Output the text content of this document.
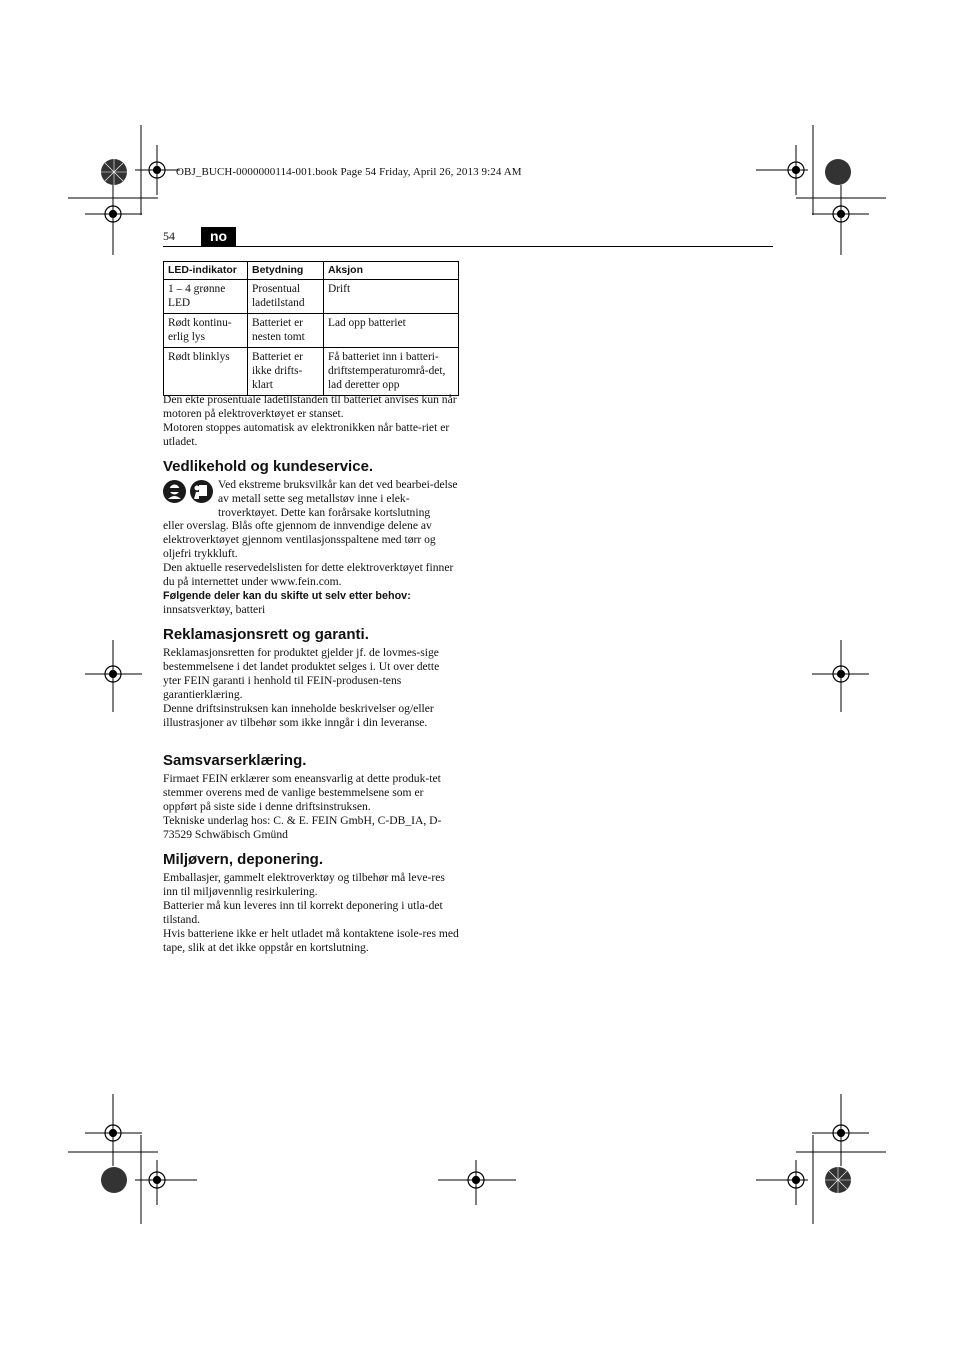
OBJ_BUCH-0000000114-001.book Page 54 Friday, April 26, 2013 9:24 AM
54	no
LED-indikator	Betydning	Aksjon
1 – 4 grønne LED	Prosentual ladetilstand	Drift
Rødt kontinu-erlig lys	Batteriet er nesten tomt	Lad opp batteriet
Rødt blinklys	Batteriet er ikke drifts-klart	Få batteriet inn i batteri-driftstemperaturområ-det, lad deretter opp

Den ekte prosentuale ladetilstanden til batteriet anvises kun når motoren på elektroverktøyet er stanset.

Motoren stoppes automatisk av elektronikken når batte-riet er utladet.

Vedlikehold og kundeservice.
Ved ekstreme bruksvilkår kan det ved bearbei-delse av metall sette seg metallstøv inne i elek-troverktøyet. Dette kan forårsake kortslutning

eller overslag. Blås ofte gjennom de innvendige delene av elektroverktøyet gjennom ventilasjonsspaltene med tørr og oljefri trykkluft.

Den aktuelle reservedelslisten for dette elektroverktøyet finner du på internettet under www.fein.com.

Følgende deler kan du skifte ut selv etter behov:

innsatsverktøy, batteri

Reklamasjonsrett og garanti.

Reklamasjonsretten for produktet gjelder jf. de lovmes-sige bestemmelsene i det landet produktet selges i. Ut over dette yter FEIN garanti i henhold til FEIN-produsen-tens garantierklæring.

Denne driftsinstruksen kan inneholde beskrivelser og/eller illustrasjoner av tilbehør som ikke inngår i din leveranse.

Samsvarserklæring.

Firmaet FEIN erklærer som eneansvarlig at dette produk-tet stemmer overens med de vanlige bestemmelsene som er oppført på siste side i denne driftsinstruksen.

Tekniske underlag hos: C. & E. FEIN GmbH, C-DB_IA, D-73529 Schwäbisch Gmünd

Miljøvern, deponering.

Emballasjer, gammelt elektroverktøy og tilbehør må leve-res inn til miljøvennlig resirkulering.

Batterier må kun leveres inn til korrekt deponering i utla-det tilstand.

Hvis batteriene ikke er helt utladet må kontaktene isole-res med tape, slik at det ikke oppstår en kortslutning.
